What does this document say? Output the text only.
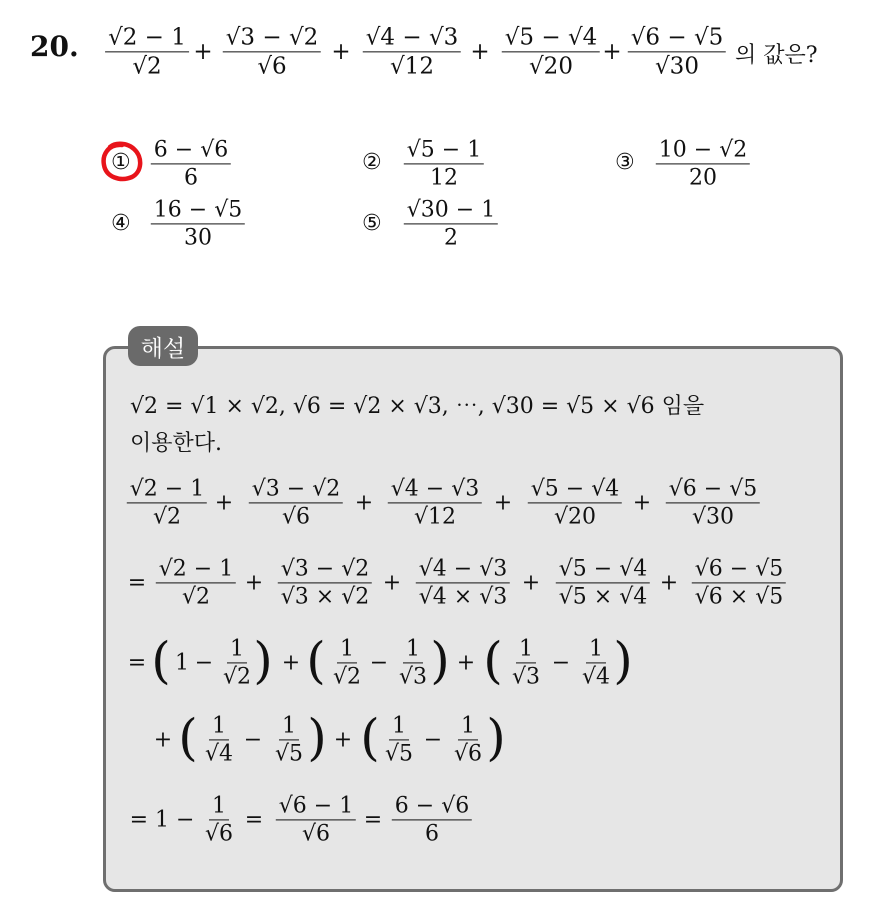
20. $\frac{√2 - 1}{√2} + \frac{√3 - √2}{√6} + \frac{√4 - √3}{√12} + \frac{√5 - √4}{√20} + \frac{√6 - √5}{√30}$ 의 값은?
① $\frac{6 - √6}{6}$	② $\frac{√5 - 1}{12}$	③ $\frac{10 - √2}{20}$
④ $\frac{16 - √5}{30}$	⑤ $\frac{√30 - 1}{2}$
해설
√2 = √1 × √2, √6 = √2 × √3, ⋯, √30 = √5 × √6 임을
이용한다.
$\frac{√2 - 1}{√2} + \frac{√3 - √2}{√6} + \frac{√4 - √3}{√12} + \frac{√5 - √4}{√20} + \frac{√6 - √5}{√30}$
= $\frac{√2 - 1}{√2} + \frac{√3 - √2}{√3 \times √2} + \frac{√4 - √3}{√4 \times √3} + \frac{√5 - √4}{√5 \times √4} + \frac{√6 - √5}{√6 \times √5}$
= ( $1 - \frac{1}{√2}$ ) + ( $\frac{1}{√2} - \frac{1}{√3}$ ) + ( $\frac{1}{√3} - \frac{1}{√4}$ )
+ ( $\frac{1}{√4} - \frac{1}{√5}$ ) + ( $\frac{1}{√5} - \frac{1}{√6}$ )
= $1 - \frac{1}{√6} = \frac{√6 - 1}{√6} = \frac{6 - √6}{6}$
